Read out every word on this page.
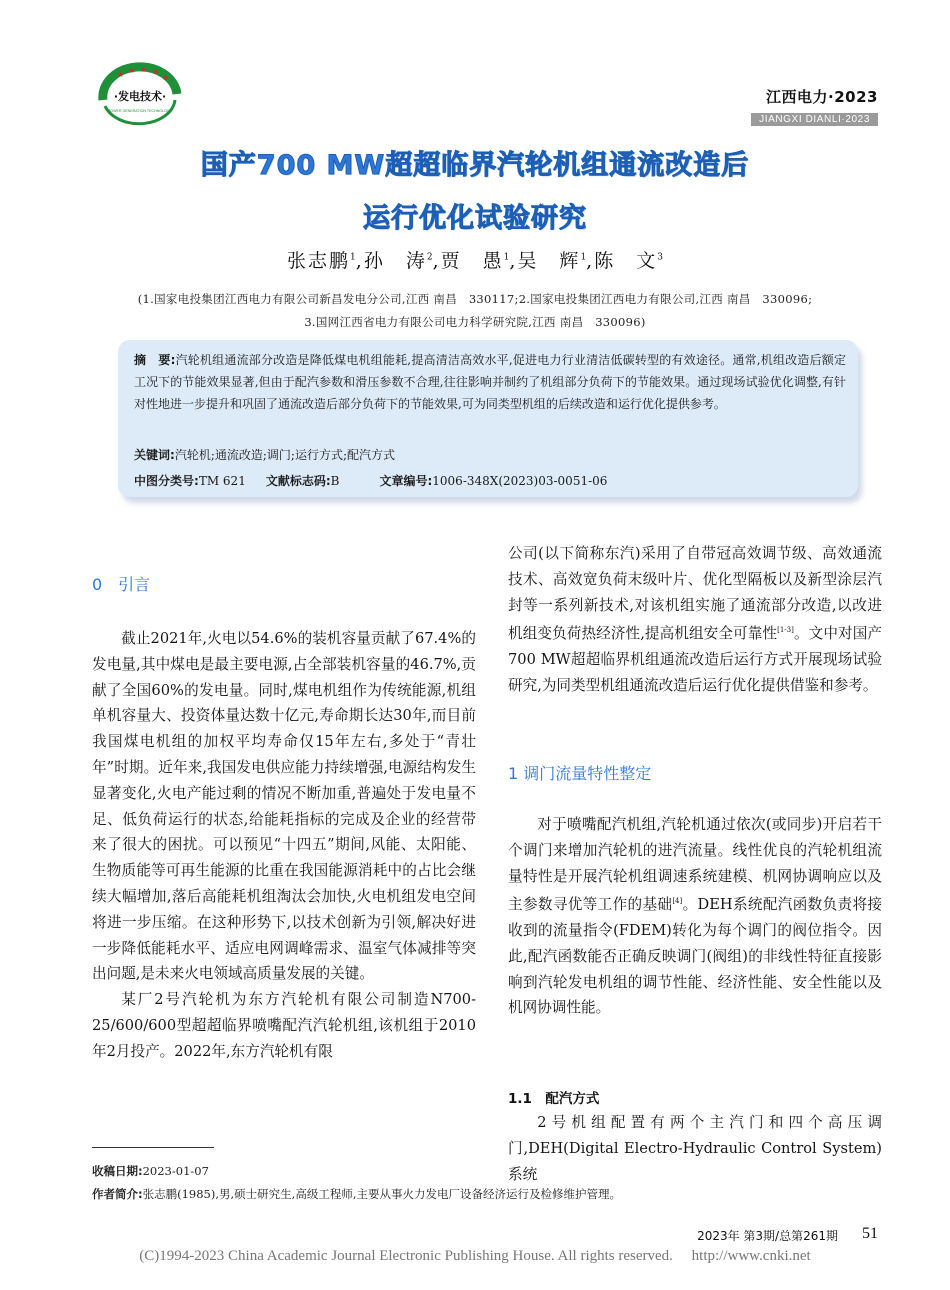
★ ★ ★ ★
★
·发电技术·
POWER GENERATION TECHNOLOGY
江西电力·2023
JIANGXI DIANLI·2023
国产700 MW超超临界汽轮机组通流改造后
运行优化试验研究
张志鹏$^1$,孙　涛$^2$,贾　愚$^1$,吴　辉$^1$,陈　文$^3$
(1.国家电投集团江西电力有限公司新昌发电分公司,江西 南昌　330117;2.国家电投集团江西电力有限公司,江西 南昌　330096;
3.国网江西省电力有限公司电力科学研究院,江西 南昌　330096)
摘　要:汽轮机组通流部分改造是降低煤电机组能耗,提高清洁高效水平,促进电力行业清洁低碳转型的有效途径。通常,机组改造后额定工况下的节能效果显著,但由于配汽参数和滑压参数不合理,往往影响并制约了机组部分负荷下的节能效果。通过现场试验优化调整,有针对性地进一步提升和巩固了通流改造后部分负荷下的节能效果,可为同类型机组的后续改造和运行优化提供参考。
关键词:汽轮机;通流改造;调门;运行方式;配汽方式
中图分类号:TM 621 文献标志码:B	文章编号:1006-348X(2023)03-0051-06
0　引言

截止2021年,火电以54.6%的装机容量贡献了67.4%的发电量,其中煤电是最主要电源,占全部装机容量的46.7%,贡献了全国60%的发电量。同时,煤电机组作为传统能源,机组单机容量大、投资体量达数十亿元,寿命期长达30年,而目前我国煤电机组的加权平均寿命仅15年左右,多处于“青壮年”时期。近年来,我国发电供应能力持续增强,电源结构发生显著变化,火电产能过剩的情况不断加重,普遍处于发电量不足、低负荷运行的状态,给能耗指标的完成及企业的经营带来了很大的困扰。可以预见“十四五”期间,风能、太阳能、生物质能等可再生能源的比重在我国能源消耗中的占比会继续大幅增加,落后高能耗机组淘汰会加快,火电机组发电空间将进一步压缩。在这种形势下,以技术创新为引领,解决好进一步降低能耗水平、适应电网调峰需求、温室气体减排等突出问题,是未来火电领域高质量发展的关键。

某厂2号汽轮机为东方汽轮机有限公司制造N700-25/600/600型超超临界喷嘴配汽汽轮机组,该机组于2010年2月投产。2022年,东方汽轮机有限

公司(以下简称东汽)采用了自带冠高效调节级、高效通流技术、高效宽负荷末级叶片、优化型隔板以及新型涂层汽封等一系列新技术,对该机组实施了通流部分改造,以改进机组变负荷热经济性,提高机组安全可靠性[1-3]。文中对国产700 MW超超临界机组通流改造后运行方式开展现场试验研究,为同类型机组通流改造后运行优化提供借鉴和参考。

1 调门流量特性整定

对于喷嘴配汽机组,汽轮机通过依次(或同步)开启若干个调门来增加汽轮机的进汽流量。线性优良的汽轮机组流量特性是开展汽轮机组调速系统建模、机网协调响应以及主参数寻优等工作的基础[4]。DEH系统配汽函数负责将接收到的流量指令(FDEM)转化为每个调门的阀位指令。因此,配汽函数能否正确反映调门(阀组)的非线性特征直接影响到汽轮发电机组的调节性能、经济性能、安全性能以及机网协调性能。

1.1　配汽方式

2号机组配置有两个主汽门和四个高压调门,DEH(Digital Electro-Hydraulic Control System)系统

收稿日期:2023-01-07
作者简介:张志鹏(1985),男,硕士研究生,高级工程师,主要从事火力发电厂设备经济运行及检修维护管理。
2023年 第3期/总第261期 51
(C)1994-2023 China Academic Journal Electronic Publishing House. All rights reserved.　 http://www.cnki.net
